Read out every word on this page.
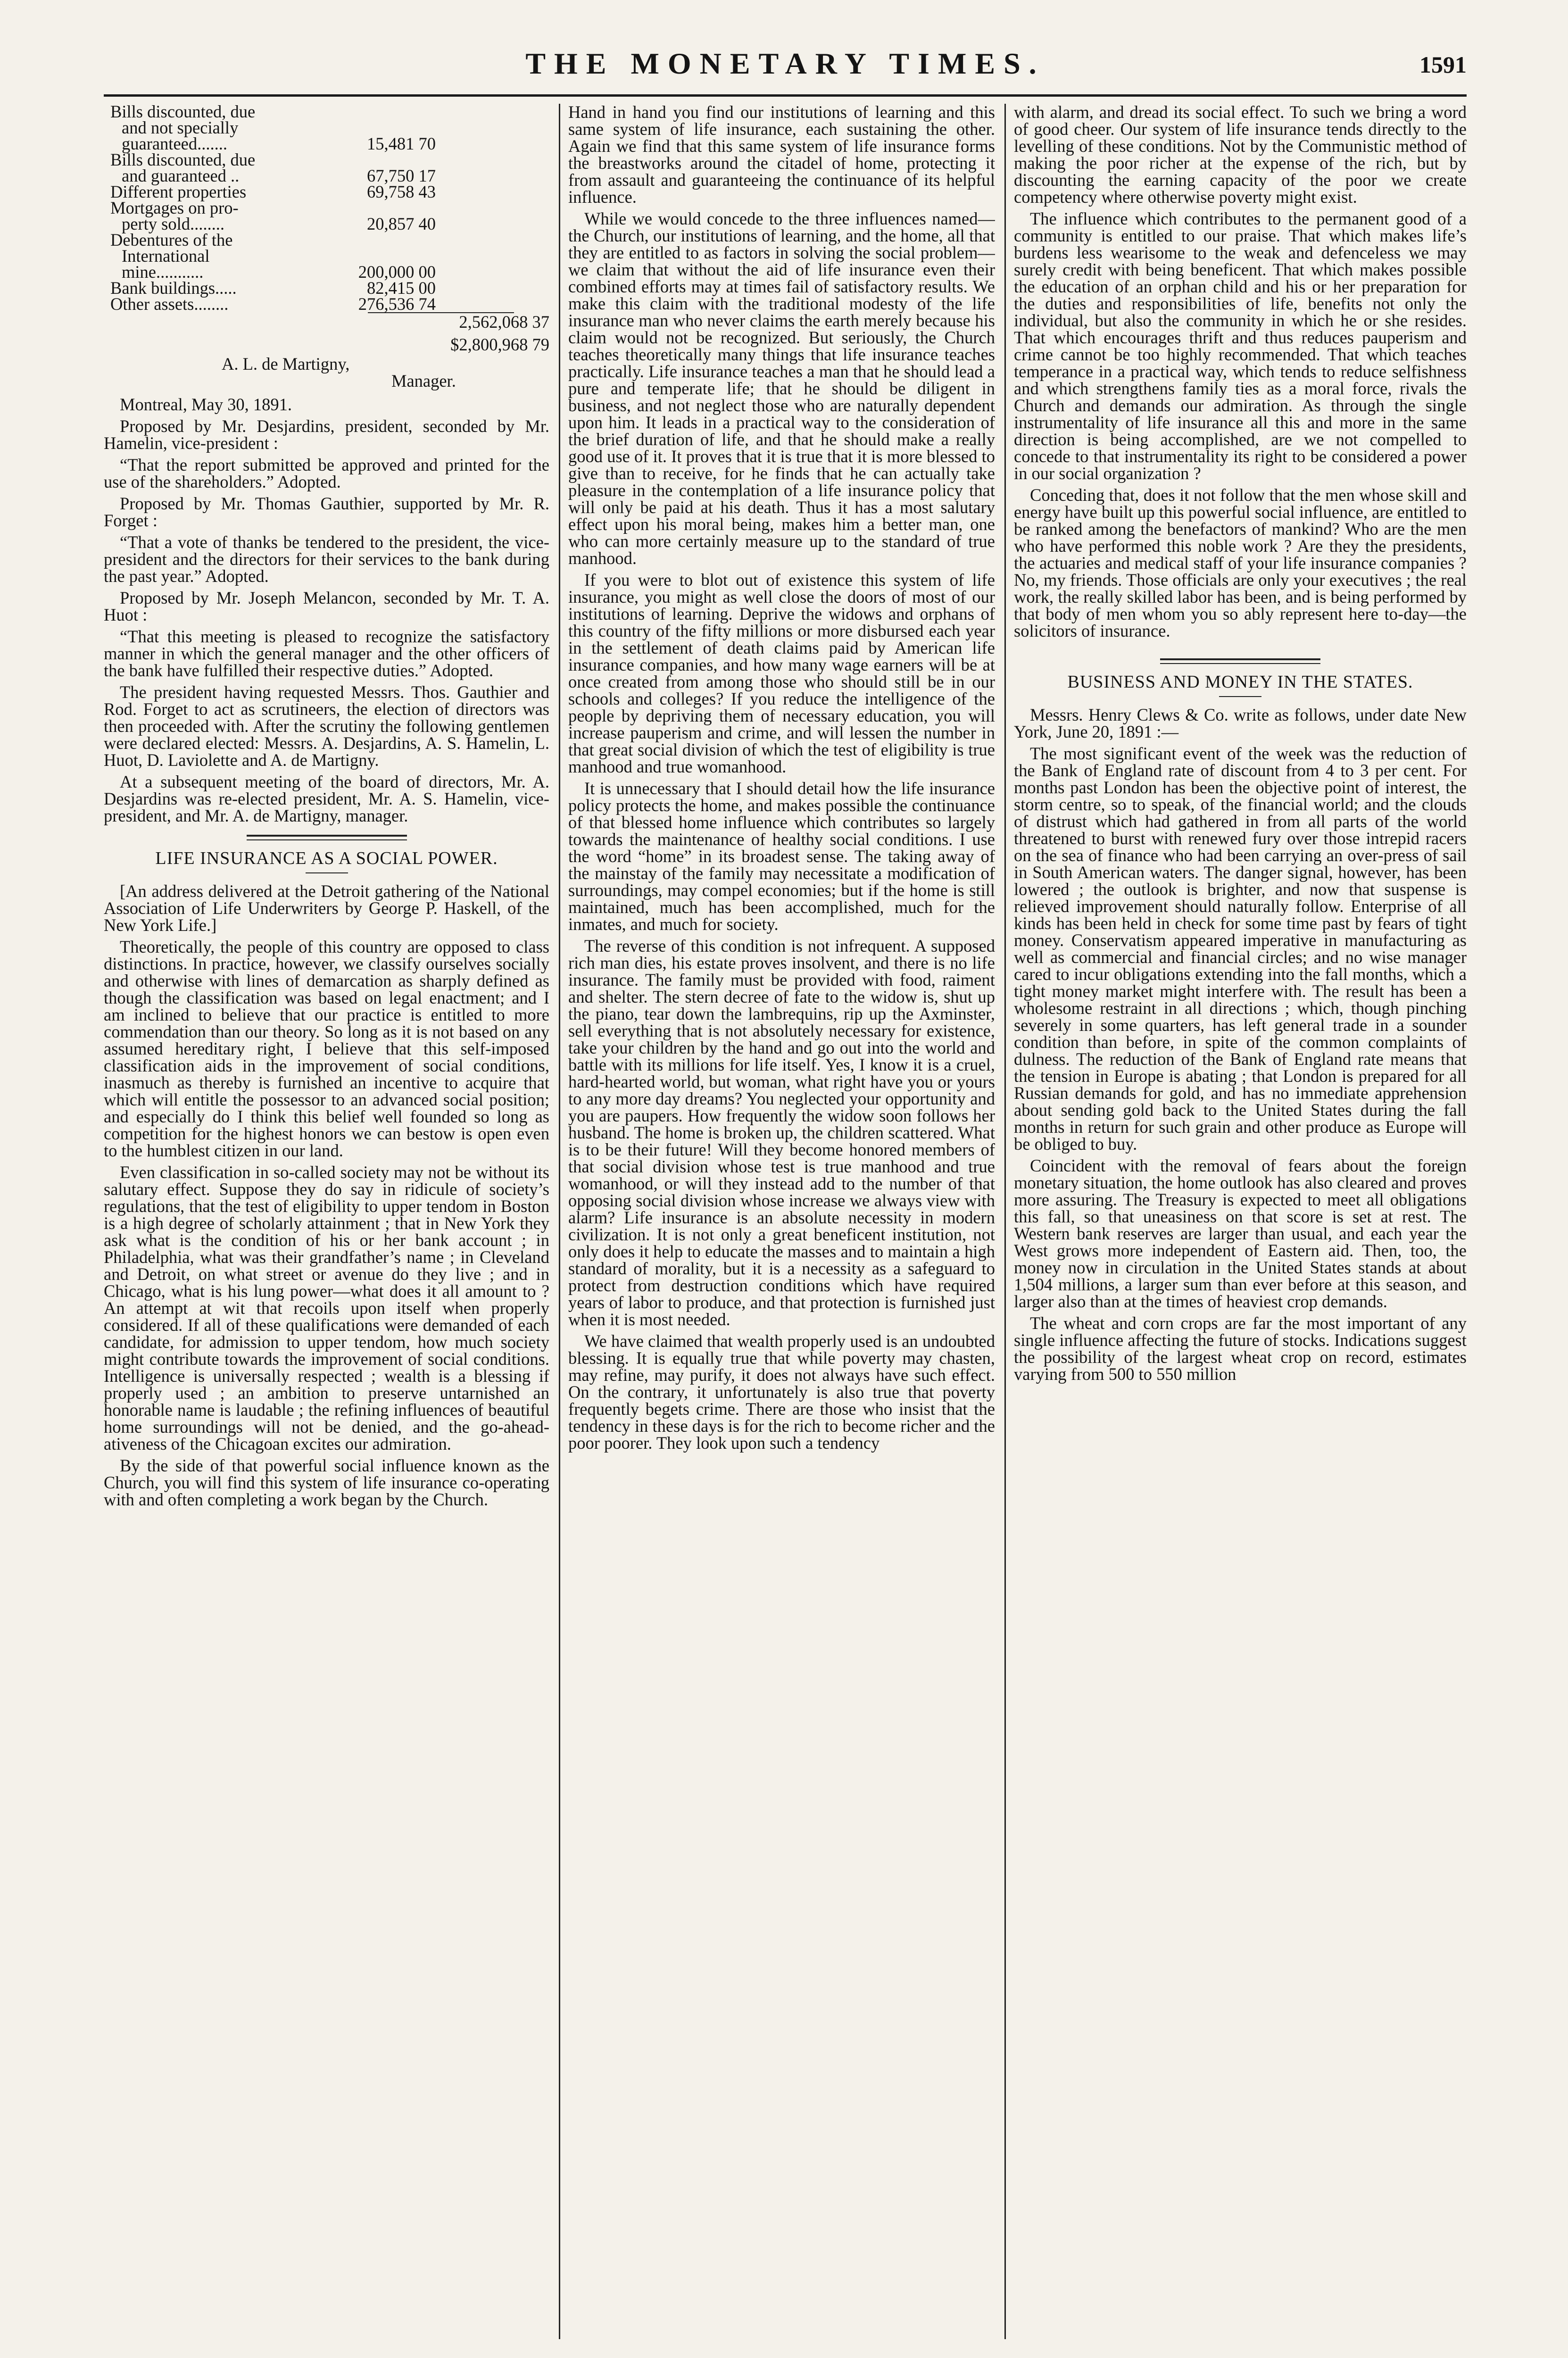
THE MONETARY TIMES.	1591
Bills discounted, due
and not specially
guaranteed.......	15,481 70
Bills discounted, due
and guaranteed ..	67,750 17
Different properties	69,758 43
Mortgages on pro-
perty sold........	20,857 40
Debentures of the
International
mine...........	200,000 00
Bank buildings.....	82,415 00
Other assets........	276,536 74
2,562,068 37
$2,800,968 79
A. L. de Martigny,
Manager.

Montreal, May 30, 1891.

Proposed by Mr. Desjardins, president, seconded by Mr. Hamelin, vice-president :

“That the report submitted be approved and printed for the use of the shareholders.” Adopted.

Proposed by Mr. Thomas Gauthier, supported by Mr. R. Forget :

“That a vote of thanks be tendered to the president, the vice-president and the directors for their services to the bank during the past year.” Adopted.

Proposed by Mr. Joseph Melancon, seconded by Mr. T. A. Huot :

“That this meeting is pleased to recognize the satisfactory manner in which the general manager and the other officers of the bank have fulfilled their respective duties.” Adopted.

The president having requested Messrs. Thos. Gauthier and Rod. Forget to act as scrutineers, the election of directors was then proceeded with. After the scrutiny the following gentlemen were declared elected: Messrs. A. Desjardins, A. S. Hamelin, L. Huot, D. Laviolette and A. de Martigny.

At a subsequent meeting of the board of directors, Mr. A. Desjardins was re-elected president, Mr. A. S. Hamelin, vice-president, and Mr. A. de Martigny, manager.

LIFE INSURANCE AS A SOCIAL POWER.

[An address delivered at the Detroit gathering of the National Association of Life Underwriters by George P. Haskell, of the New York Life.]

Theoretically, the people of this country are opposed to class distinctions. In practice, however, we classify ourselves socially and otherwise with lines of demarcation as sharply defined as though the classification was based on legal enactment; and I am inclined to believe that our practice is entitled to more commendation than our theory. So long as it is not based on any assumed hereditary right, I believe that this self-imposed classification aids in the improvement of social conditions, inasmuch as thereby is furnished an incentive to acquire that which will entitle the possessor to an advanced social position; and especially do I think this belief well founded so long as competition for the highest honors we can bestow is open even to the humblest citizen in our land.

Even classification in so-called society may not be without its salutary effect. Suppose they do say in ridicule of society’s regulations, that the test of eligibility to upper tendom in Boston is a high degree of scholarly attainment ; that in New York they ask what is the condition of his or her bank account ; in Philadelphia, what was their grandfather’s name ; in Cleveland and Detroit, on what street or avenue do they live ; and in Chicago, what is his lung power—what does it all amount to ? An attempt at wit that recoils upon itself when properly considered. If all of these qualifications were demanded of each candidate, for admission to upper tendom, how much society might contribute towards the improvement of social conditions. Intelligence is universally respected ; wealth is a blessing if properly used ; an ambition to preserve untarnished an honorable name is laudable ; the refining influences of beautiful home surroundings will not be denied, and the go-ahead-ativeness of the Chicagoan excites our admiration.

By the side of that powerful social influence known as the Church, you will find this system of life insurance co-operating with and often completing a work began by the Church.

Hand in hand you find our institutions of learning and this same system of life insurance, each sustaining the other. Again we find that this same system of life insurance forms the breastworks around the citadel of home, protecting it from assault and guaranteeing the continuance of its helpful influence.

While we would concede to the three influences named—the Church, our institutions of learning, and the home, all that they are entitled to as factors in solving the social problem—we claim that without the aid of life insurance even their combined efforts may at times fail of satisfactory results. We make this claim with the traditional modesty of the life insurance man who never claims the earth merely because his claim would not be recognized. But seriously, the Church teaches theoretically many things that life insurance teaches practically. Life insurance teaches a man that he should lead a pure and temperate life; that he should be diligent in business, and not neglect those who are naturally dependent upon him. It leads in a practical way to the consideration of the brief duration of life, and that he should make a really good use of it. It proves that it is true that it is more blessed to give than to receive, for he finds that he can actually take pleasure in the contemplation of a life insurance policy that will only be paid at his death. Thus it has a most salutary effect upon his moral being, makes him a better man, one who can more certainly measure up to the standard of true manhood.

If you were to blot out of existence this system of life insurance, you might as well close the doors of most of our institutions of learning. Deprive the widows and orphans of this country of the fifty millions or more disbursed each year in the settlement of death claims paid by American life insurance companies, and how many wage earners will be at once created from among those who should still be in our schools and colleges? If you reduce the intelligence of the people by depriving them of necessary education, you will increase pauperism and crime, and will lessen the number in that great social division of which the test of eligibility is true manhood and true womanhood.

It is unnecessary that I should detail how the life insurance policy protects the home, and makes possible the continuance of that blessed home influence which contributes so largely towards the maintenance of healthy social conditions. I use the word “home” in its broadest sense. The taking away of the mainstay of the family may necessitate a modification of surroundings, may compel economies; but if the home is still maintained, much has been accomplished, much for the inmates, and much for society.

The reverse of this condition is not infrequent. A supposed rich man dies, his estate proves insolvent, and there is no life insurance. The family must be provided with food, raiment and shelter. The stern decree of fate to the widow is, shut up the piano, tear down the lambrequins, rip up the Axminster, sell everything that is not absolutely necessary for existence, take your children by the hand and go out into the world and battle with its millions for life itself. Yes, I know it is a cruel, hard-hearted world, but woman, what right have you or yours to any more day dreams? You neglected your opportunity and you are paupers. How frequently the widow soon follows her husband. The home is broken up, the children scattered. What is to be their future! Will they become honored members of that social division whose test is true manhood and true womanhood, or will they instead add to the number of that opposing social division whose increase we always view with alarm? Life insurance is an absolute necessity in modern civilization. It is not only a great beneficent institution, not only does it help to educate the masses and to maintain a high standard of morality, but it is a necessity as a safeguard to protect from destruction conditions which have required years of labor to produce, and that protection is furnished just when it is most needed.

We have claimed that wealth properly used is an undoubted blessing. It is equally true that while poverty may chasten, may refine, may purify, it does not always have such effect. On the contrary, it unfortunately is also true that poverty frequently begets crime. There are those who insist that the tendency in these days is for the rich to become richer and the poor poorer. They look upon such a tendency

with alarm, and dread its social effect. To such we bring a word of good cheer. Our system of life insurance tends directly to the levelling of these conditions. Not by the Communistic method of making the poor richer at the expense of the rich, but by discounting the earning capacity of the poor we create competency where otherwise poverty might exist.

The influence which contributes to the permanent good of a community is entitled to our praise. That which makes life’s burdens less wearisome to the weak and defenceless we may surely credit with being beneficent. That which makes possible the education of an orphan child and his or her preparation for the duties and responsibilities of life, benefits not only the individual, but also the community in which he or she resides. That which encourages thrift and thus reduces pauperism and crime cannot be too highly recommended. That which teaches temperance in a practical way, which tends to reduce selfishness and which strengthens family ties as a moral force, rivals the Church and demands our admiration. As through the single instrumentality of life insurance all this and more in the same direction is being accomplished, are we not compelled to concede to that instrumentality its right to be considered a power in our social organization ?

Conceding that, does it not follow that the men whose skill and energy have built up this powerful social influence, are entitled to be ranked among the benefactors of mankind? Who are the men who have performed this noble work ? Are they the presidents, the actuaries and medical staff of your life insurance companies ? No, my friends. Those officials are only your executives ; the real work, the really skilled labor has been, and is being performed by that body of men whom you so ably represent here to-day—the solicitors of insurance.

BUSINESS AND MONEY IN THE STATES.

Messrs. Henry Clews & Co. write as follows, under date New York, June 20, 1891 :—

The most significant event of the week was the reduction of the Bank of England rate of discount from 4 to 3 per cent. For months past London has been the objective point of interest, the storm centre, so to speak, of the financial world; and the clouds of distrust which had gathered in from all parts of the world threatened to burst with renewed fury over those intrepid racers on the sea of finance who had been carrying an over-press of sail in South American waters. The danger signal, however, has been lowered ; the outlook is brighter, and now that suspense is relieved improvement should naturally follow. Enterprise of all kinds has been held in check for some time past by fears of tight money. Conservatism appeared imperative in manufacturing as well as commercial and financial circles; and no wise manager cared to incur obligations extending into the fall months, which a tight money market might interfere with. The result has been a wholesome restraint in all directions ; which, though pinching severely in some quarters, has left general trade in a sounder condition than before, in spite of the common complaints of dulness. The reduction of the Bank of England rate means that the tension in Europe is abating ; that London is prepared for all Russian demands for gold, and has no immediate apprehension about sending gold back to the United States during the fall months in return for such grain and other produce as Europe will be obliged to buy.

Coincident with the removal of fears about the foreign monetary situation, the home outlook has also cleared and proves more assuring. The Treasury is expected to meet all obligations this fall, so that uneasiness on that score is set at rest. The Western bank reserves are larger than usual, and each year the West grows more independent of Eastern aid. Then, too, the money now in circulation in the United States stands at about 1,504 millions, a larger sum than ever before at this season, and larger also than at the times of heaviest crop demands.

The wheat and corn crops are far the most important of any single influence affecting the future of stocks. Indications suggest the possibility of the largest wheat crop on record, estimates varying from 500 to 550 million
